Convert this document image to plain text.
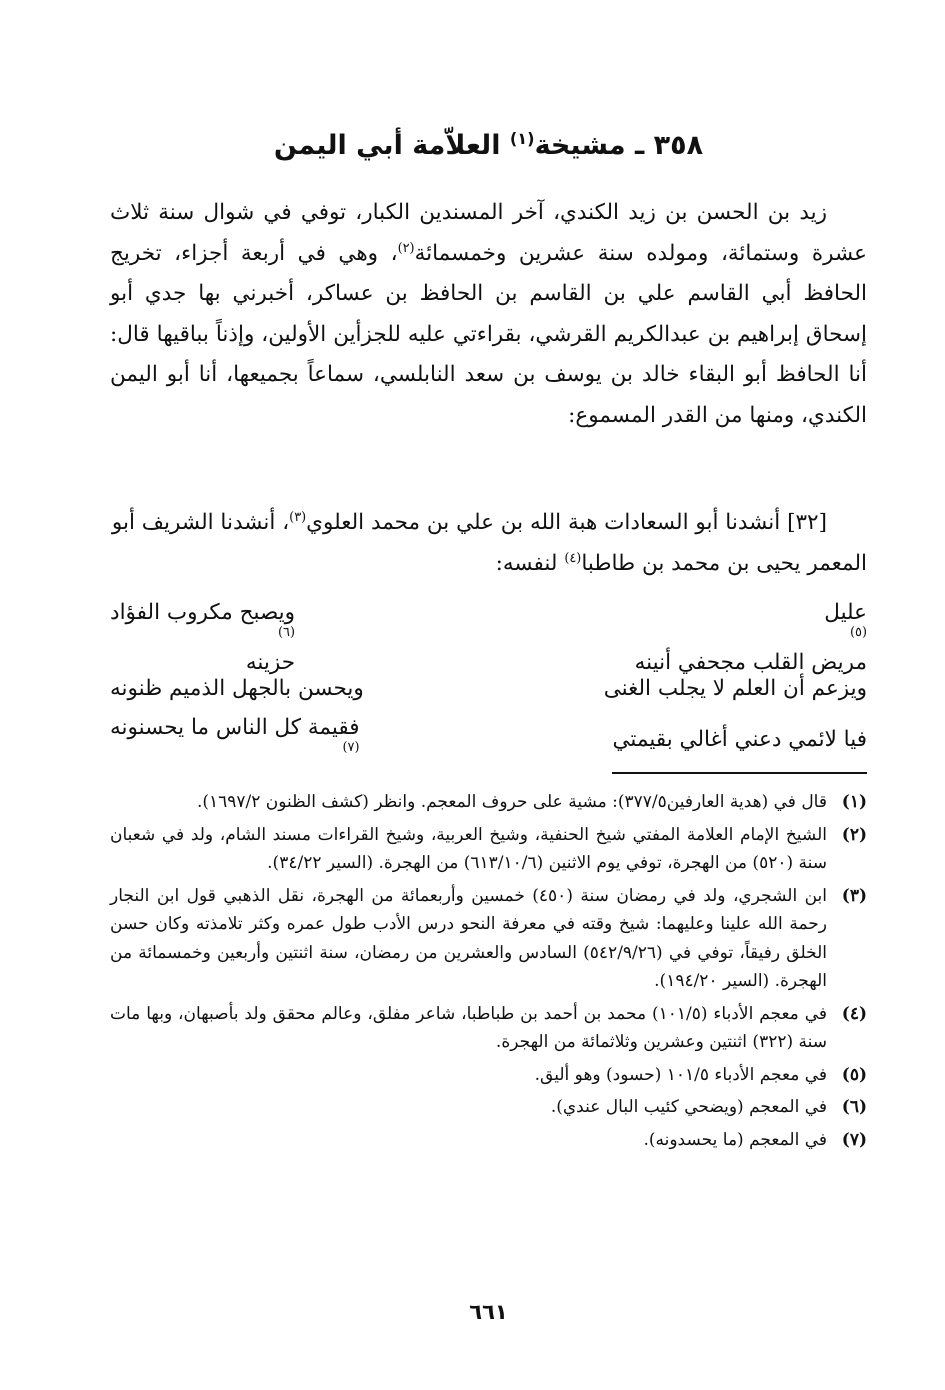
٣٥٨ ـ مشيخة$^{(١)}$ العلاّمة أبي اليمن

زيد بن الحسن بن زيد الكندي، آخر المسندين الكبار، توفي في شوال سنة ثلاث عشرة وستمائة، ومولده سنة عشرين وخمسمائة$^{(٢)}$، وهي في أربعة أجزاء، تخريج الحافظ أبي القاسم علي بن القاسم بن الحافظ بن عساكر، أخبرني بها جدي أبو إسحاق إبراهيم بن عبدالكريم القرشي، بقراءتي عليه للجزأين الأولين، وإذناً بباقيها قال: أنا الحافظ أبو البقاء خالد بن يوسف بن سعد النابلسي، سماعاً بجميعها، أنا أبو اليمن الكندي، ومنها من القدر المسموع:

[٣٢] أنشدنا أبو السعادات هبة الله بن علي بن محمد العلوي$^{(٣)}$، أنشدنا الشريف أبو المعمر يحيى بن محمد بن طاطبا$^{(٤)}$ لنفسه:

عليل
$^{(٥)}$
مريض القلب مجحفي أنينه
ويصبح مكروب الفؤاد
$^{(٦)}$
حزينه
ويزعم أن العلم لا يجلب الغنى
ويحسن بالجهل الذميم ظنونه
فيا لائمي دعني أغالي بقيمتي
فقيمة كل الناس ما يحسنونه
$^{(٧)}$
(١)
قال في (هدية العارفين٣٧٧/٥): مشية على حروف المعجم. وانظر (كشف الظنون ١٦٩٧/٢).
(٢)
الشيخ الإمام العلامة المفتي شيخ الحنفية، وشيخ العربية، وشيخ القراءات مسند الشام، ولد في شعبان سنة (٥٢٠) من الهجرة، توفي يوم الاثنين (٦١٣/١٠/٦) من الهجرة. (السير ٣٤/٢٢).
(٣)
ابن الشجري، ولد في رمضان سنة (٤٥٠) خمسين وأربعمائة من الهجرة، نقل الذهبي قول ابن النجار رحمة الله علينا وعليهما: شيخ وقته في معرفة النحو درس الأدب طول عمره وكثر تلامذته وكان حسن الخلق رفيقاً، توفي في (٥٤٢/٩/٢٦) السادس والعشرين من رمضان، سنة اثنتين وأربعين وخمسمائة من الهجرة. (السير ١٩٤/٢٠).
(٤)
في معجم الأدباء (١٠١/٥) محمد بن أحمد بن طباطبا، شاعر مفلق، وعالم محقق ولد بأصبهان، وبها مات سنة (٣٢٢) اثنتين وعشرين وثلاثمائة من الهجرة.
(٥)
في معجم الأدباء ١٠١/٥ (حسود) وهو أليق.
(٦)
في المعجم (ويضحي كئيب البال عندي).
(٧)
في المعجم (ما يحسدونه).
٦٦١
